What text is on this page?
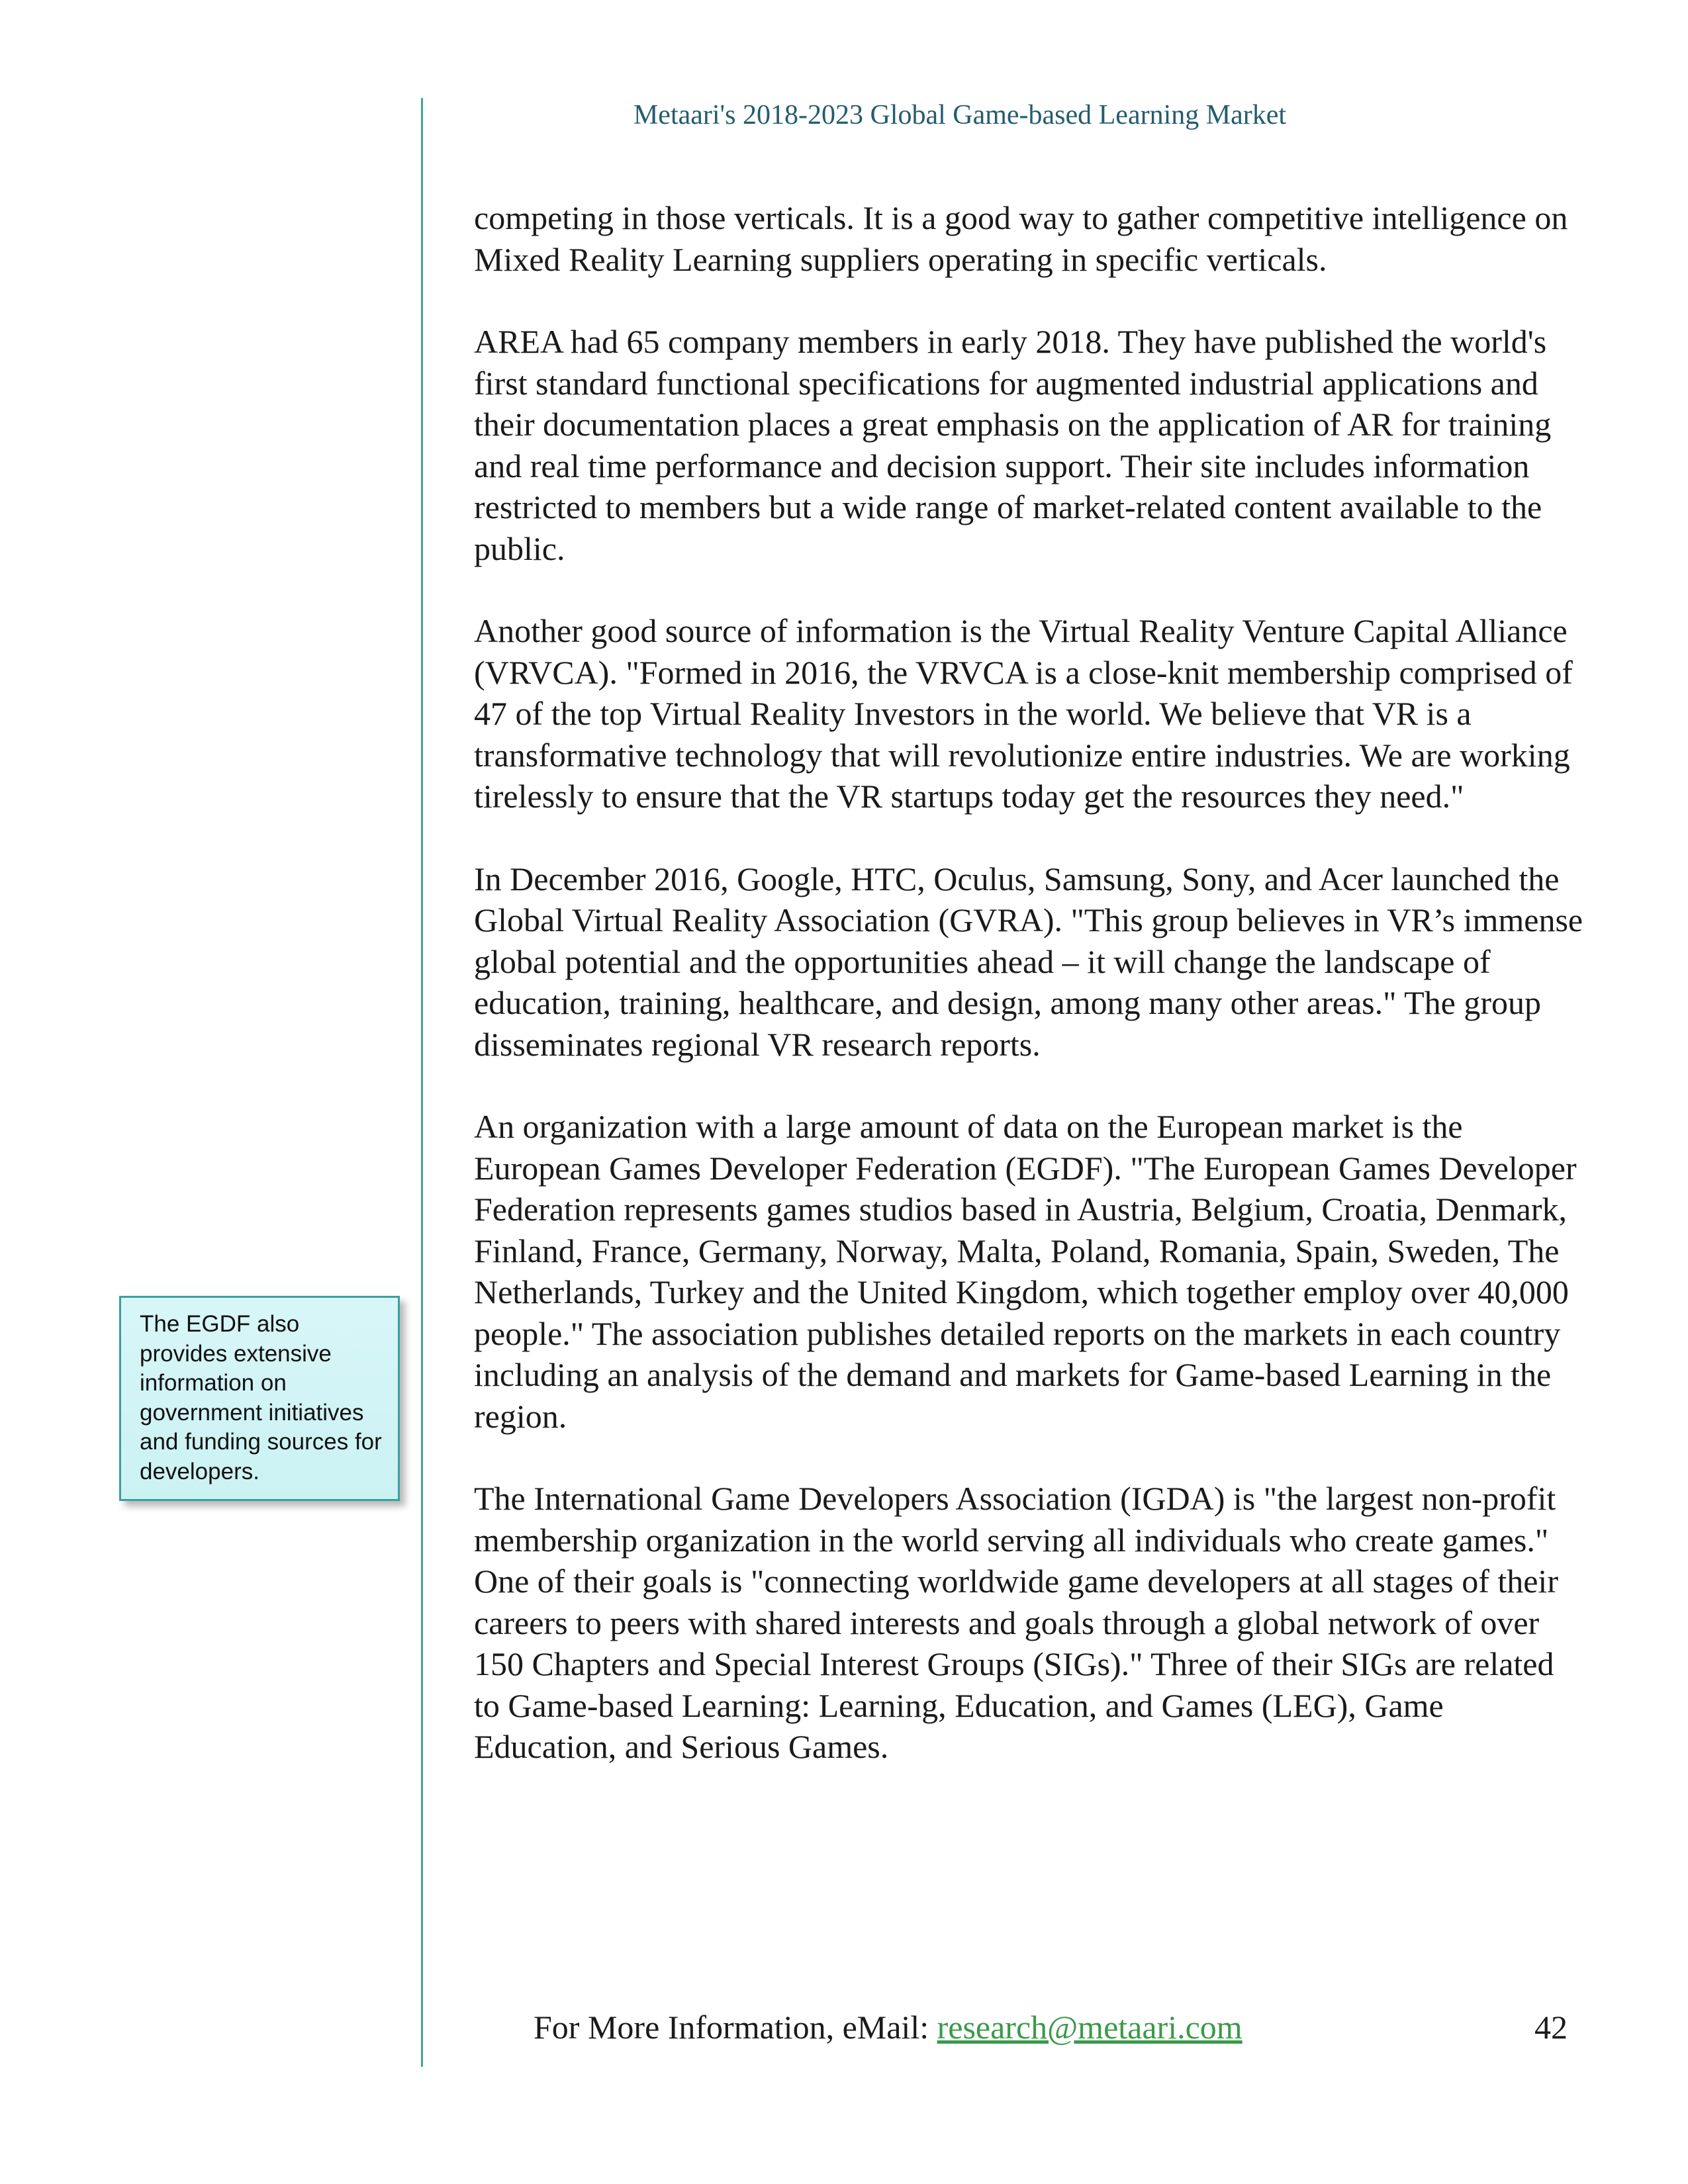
Metaari's 2018-2023 Global Game-based Learning Market

competing in those verticals. It is a good way to gather competitive intelligence on Mixed Reality Learning suppliers operating in specific verticals.

AREA had 65 company members in early 2018. They have published the world's first standard functional specifications for augmented industrial applications and their documentation places a great emphasis on the application of AR for training and real time performance and decision support. Their site includes information restricted to members but a wide range of market-related content available to the public.

Another good source of information is the Virtual Reality Venture Capital Alliance (VRVCA). "Formed in 2016, the VRVCA is a close-knit membership comprised of 47 of the top Virtual Reality Investors in the world. We believe that VR is a transformative technology that will revolutionize entire industries. We are working tirelessly to ensure that the VR startups today get the resources they need."

In December 2016, Google, HTC, Oculus, Samsung, Sony, and Acer launched the Global Virtual Reality Association (GVRA). "This group believes in VR’s immense global potential and the opportunities ahead – it will change the landscape of education, training, healthcare, and design, among many other areas." The group disseminates regional VR research reports.

An organization with a large amount of data on the European market is the European Games Developer Federation (EGDF). "The European Games Developer Federation represents games studios based in Austria, Belgium, Croatia, Denmark, Finland, France, Germany, Norway, Malta, Poland, Romania, Spain, Sweden, The Netherlands, Turkey and the United Kingdom, which together employ over 40,000 people." The association publishes detailed reports on the markets in each country including an analysis of the demand and markets for Game-based Learning in the region.

The International Game Developers Association (IGDA) is "the largest non-profit membership organization in the world serving all individuals who create games." One of their goals is "connecting worldwide game developers at all stages of their careers to peers with shared interests and goals through a global network of over 150 Chapters and Special Interest Groups (SIGs)." Three of their SIGs are related to Game-based Learning: Learning, Education, and Games (LEG), Game Education, and Serious Games.

The EGDF also provides extensive information on government initiatives and funding sources for developers.
For More Information, eMail: research@metaari.com	42
